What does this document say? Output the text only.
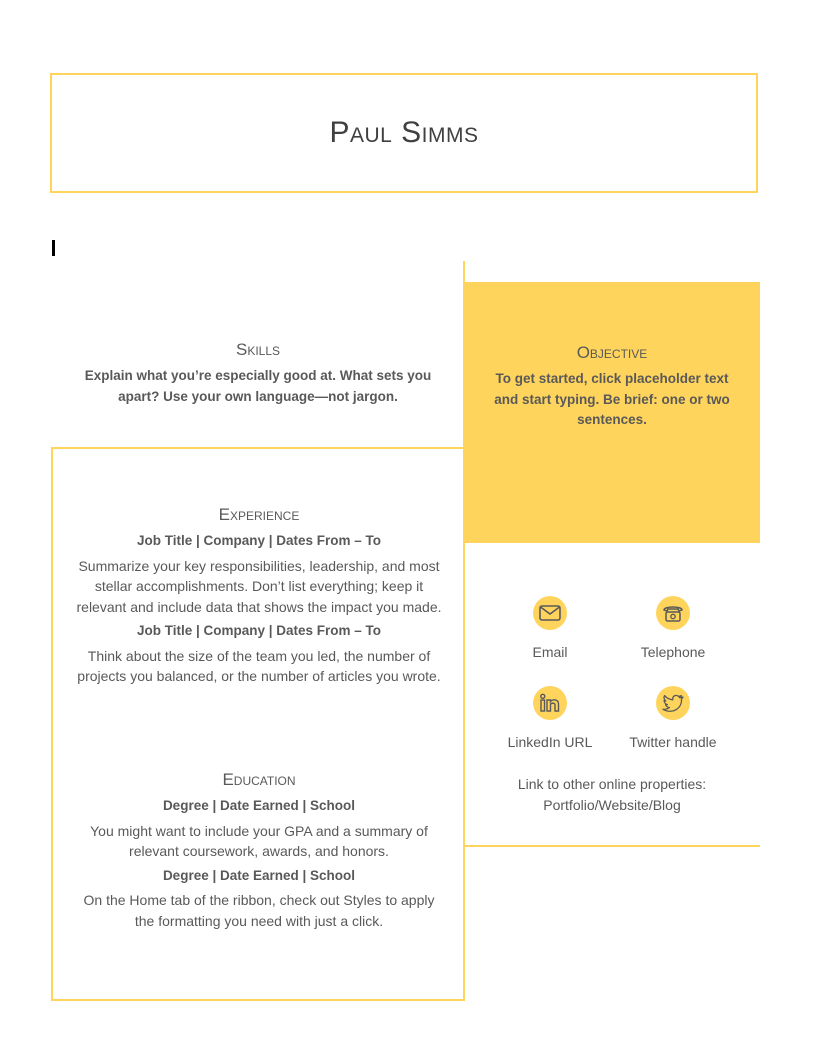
Paul Simms
Skills
Explain what you’re especially good at. What sets you apart? Use your own language—not jargon.
Objective
To get started, click placeholder text and start typing. Be brief: one or two sentences.
Experience
Job Title | Company | Dates From – To
Summarize your key responsibilities, leadership, and most stellar accomplishments. Don’t list everything; keep it relevant and include data that shows the impact you made.
Job Title | Company | Dates From – To
Think about the size of the team you led, the number of projects you balanced, or the number of articles you wrote.
Education
Degree | Date Earned | School
You might want to include your GPA and a summary of relevant coursework, awards, and honors.
Degree | Date Earned | School
On the Home tab of the ribbon, check out Styles to apply the formatting you need with just a click.
Email	Telephone
LinkedIn URL	Twitter handle
Link to other online properties: Portfolio/Website/Blog
